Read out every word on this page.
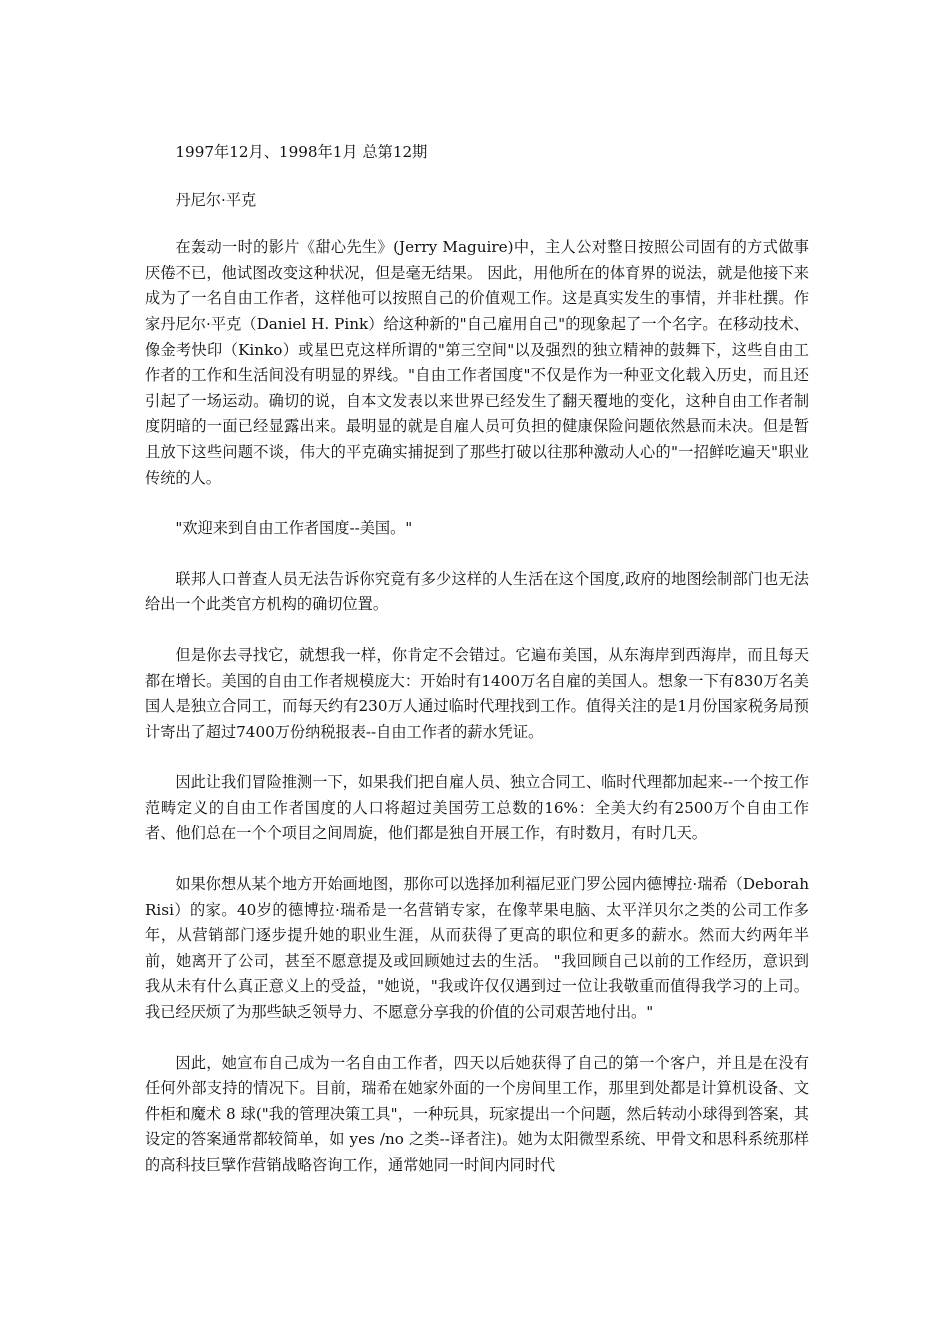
1997年12月、1998年1月 总第12期

丹尼尔·平克

在轰动一时的影片《甜心先生》(Jerry Maguire)中，主人公对整日按照公司固有的方式做事厌倦不已，他试图改变这种状况，但是毫无结果。 因此，用他所在的体育界的说法，就是他接下来成为了一名自由工作者，这样他可以按照自己的价值观工作。这是真实发生的事情，并非杜撰。作家丹尼尔·平克（Daniel H. Pink）给这种新的"自己雇用自己"的现象起了一个名字。在移动技术、像金考快印（Kinko）或星巴克这样所谓的"第三空间"以及强烈的独立精神的鼓舞下，这些自由工作者的工作和生活间没有明显的界线。"自由工作者国度"不仅是作为一种亚文化载入历史，而且还引起了一场运动。确切的说，自本文发表以来世界已经发生了翻天覆地的变化，这种自由工作者制度阴暗的一面已经显露出来。最明显的就是自雇人员可负担的健康保险问题依然悬而未决。但是暂且放下这些问题不谈，伟大的平克确实捕捉到了那些打破以往那种激动人心的"一招鲜吃遍天"职业传统的人。

"欢迎来到自由工作者国度--美国。"

联邦人口普查人员无法告诉你究竟有多少这样的人生活在这个国度,政府的地图绘制部门也无法给出一个此类官方机构的确切位置。

但是你去寻找它，就想我一样，你肯定不会错过。它遍布美国，从东海岸到西海岸，而且每天都在增长。美国的自由工作者规模庞大：开始时有1400万名自雇的美国人。想象一下有830万名美国人是独立合同工，而每天约有230万人通过临时代理找到工作。值得关注的是1月份国家税务局预计寄出了超过7400万份纳税报表--自由工作者的薪水凭证。

因此让我们冒险推测一下，如果我们把自雇人员、独立合同工、临时代理都加起来--一个按工作范畴定义的自由工作者国度的人口将超过美国劳工总数的16%：全美大约有2500万个自由工作者、他们总在一个个项目之间周旋，他们都是独自开展工作，有时数月，有时几天。

如果你想从某个地方开始画地图，那你可以选择加利福尼亚门罗公园内德博拉·瑞希（Deborah Risi）的家。40岁的德博拉·瑞希是一名营销专家，在像苹果电脑、太平洋贝尔之类的公司工作多年，从营销部门逐步提升她的职业生涯，从而获得了更高的职位和更多的薪水。然而大约两年半前，她离开了公司，甚至不愿意提及或回顾她过去的生活。 "我回顾自己以前的工作经历，意识到我从未有什么真正意义上的受益，"她说，"我或许仅仅遇到过一位让我敬重而值得我学习的上司。我已经厌烦了为那些缺乏领导力、不愿意分享我的价值的公司艰苦地付出。"

因此，她宣布自己成为一名自由工作者，四天以后她获得了自己的第一个客户，并且是在没有任何外部支持的情况下。目前，瑞希在她家外面的一个房间里工作，那里到处都是计算机设备、文件柜和魔术 8 球("我的管理决策工具"，一种玩具，玩家提出一个问题，然后转动小球得到答案，其设定的答案通常都较简单，如 yes /no 之类--译者注)。她为太阳微型系统、甲骨文和思科系统那样的高科技巨擘作营销战略咨询工作，通常她同一时间内同时代
